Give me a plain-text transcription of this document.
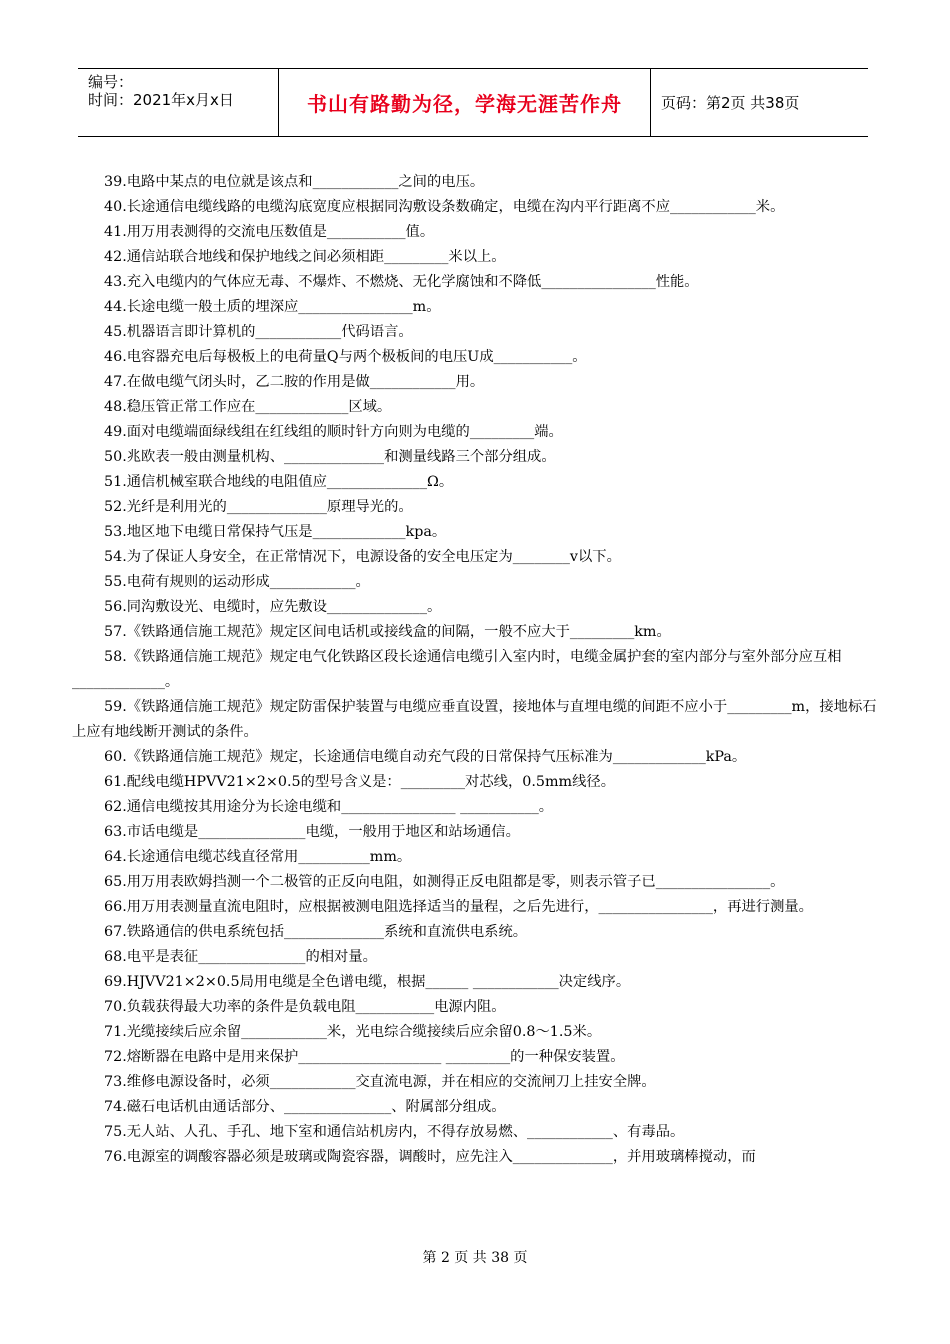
编号：
时间：2021年x月x日	书山有路勤为径，学海无涯苦作舟	页码：第2页 共38页

39.电路中某点的电位就是该点和____________之间的电压。

40.长途通信电缆线路的电缆沟底宽度应根据同沟敷设条数确定，电缆在沟内平行距离不应____________米。

41.用万用表测得的交流电压数值是___________值。

42.通信站联合地线和保护地线之间必须相距_________米以上。

43.充入电缆内的气体应无毒、不爆炸、不燃烧、无化学腐蚀和不降低________________性能。

44.长途电缆一般土质的埋深应________________m。

45.机器语言即计算机的____________代码语言。

46.电容器充电后每极板上的电荷量Q与两个极板间的电压U成___________。

47.在做电缆气闭头时，乙二胺的作用是做____________用。

48.稳压管正常工作应在_____________区域。

49.面对电缆端面绿线组在红线组的顺时针方向则为电缆的_________端。

50.兆欧表一般由测量机构、______________和测量线路三个部分组成。

51.通信机械室联合地线的电阻值应______________Ω。

52.光纤是利用光的______________原理导光的。

53.地区地下电缆日常保持气压是_____________kpa。

54.为了保证人身安全，在正常情况下，电源设备的安全电压定为________v以下。

55.电荷有规则的运动形成____________。

56.同沟敷设光、电缆时，应先敷设______________。

57.《铁路通信施工规范》规定区间电话机或接线盒的间隔，一般不应大于_________km。

58.《铁路通信施工规范》规定电气化铁路区段长途通信电缆引入室内时，电缆金属护套的室内部分与室外部分应互相_____________。

59.《铁路通信施工规范》规定防雷保护装置与电缆应垂直设置，接地体与直埋电缆的间距不应小于_________m，接地标石上应有地线断开测试的条件。

60.《铁路通信施工规范》规定，长途通信电缆自动充气段的日常保持气压标准为_____________kPa。

61.配线电缆HPVV21×2×0.5的型号含义是：_________对芯线，0.5mm线径。

62.通信电缆按其用途分为长途电缆和________________ ___________。

63.市话电缆是_______________电缆，一般用于地区和站场通信。

64.长途通信电缆芯线直径常用__________mm。

65.用万用表欧姆挡测一个二极管的正反向电阻，如测得正反电阻都是零，则表示管子已________________。

66.用万用表测量直流电阻时，应根据被测电阻选择适当的量程，之后先进行，________________，再进行测量。

67.铁路通信的供电系统包括______________系统和直流供电系统。

68.电平是表征_______________的相对量。

69.HJVV21×2×0.5局用电缆是全色谱电缆，根据______ ____________决定线序。

70.负载获得最大功率的条件是负载电阻___________电源内阻。

71.光缆接续后应余留____________米，光电综合缆接续后应余留0.8～1.5米。

72.熔断器在电路中是用来保护____________________ _________的一种保安装置。

73.维修电源设备时，必须____________交直流电源，并在相应的交流闸刀上挂安全牌。

74.磁石电话机由通话部分、_______________、附属部分组成。

75.无人站、人孔、手孔、地下室和通信站机房内，不得存放易燃、____________、有毒品。

76.电源室的调酸容器必须是玻璃或陶瓷容器，调酸时，应先注入______________，并用玻璃棒搅动，而

第 2 页 共 38 页
